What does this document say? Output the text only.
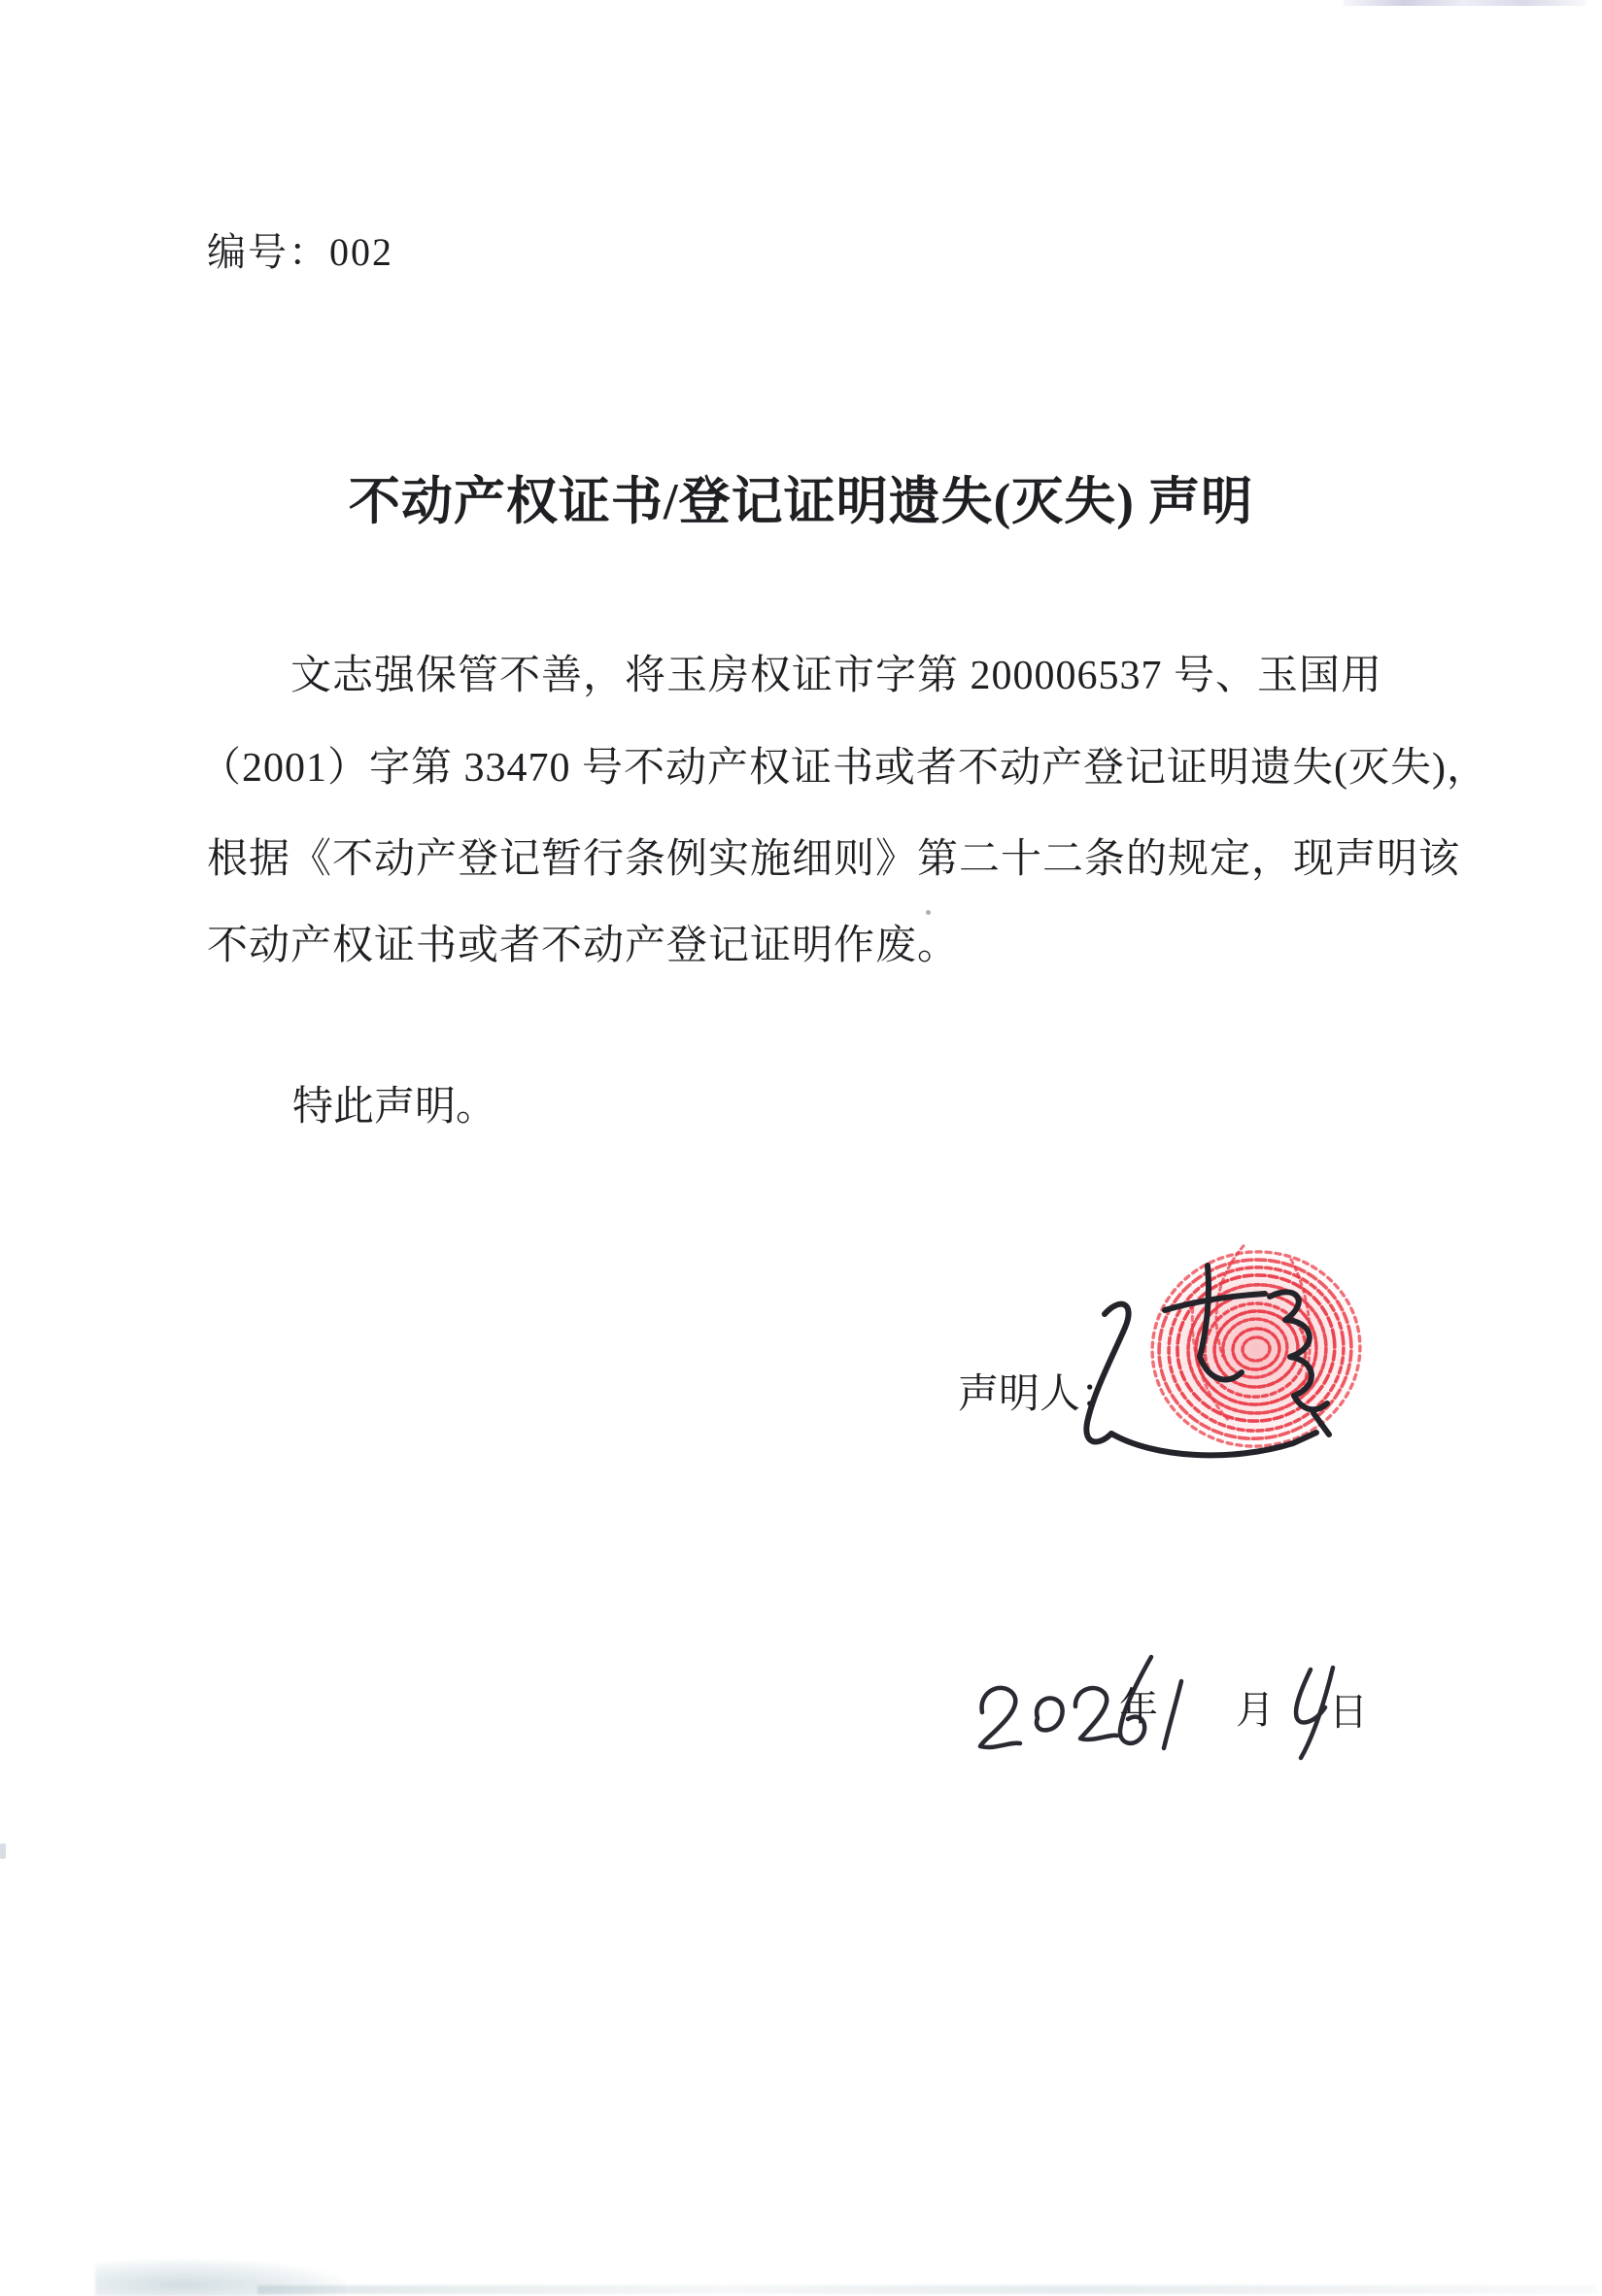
编号：002
不动产权证书/登记证明遗失(灭失) 声明
文志强保管不善，将玉房权证市字第 200006537 号、玉国用
（2001）字第 33470 号不动产权证书或者不动产登记证明遗失(灭失)，
根据《不动产登记暂行条例实施细则》第二十二条的规定，现声明该
不动产权证书或者不动产登记证明作废。
特此声明。
声明人：
年 月 日
